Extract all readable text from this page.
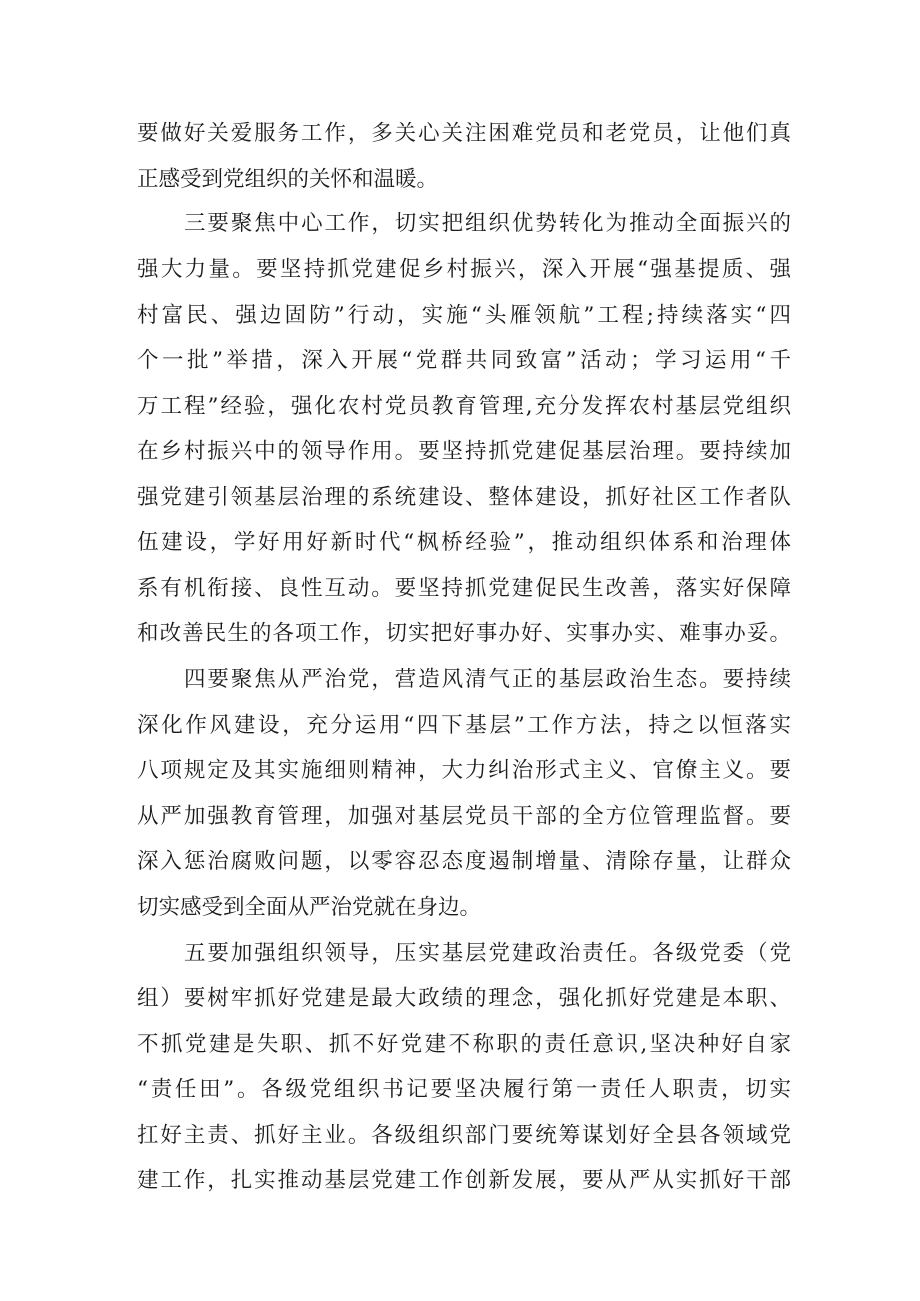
要做好关爱服务工作，多关心关注困难党员和老党员，让他们真

正感受到党组织的关怀和温暖。

三要聚焦中心工作，切实把组织优势转化为推动全面振兴的

强大力量。要坚持抓党建促乡村振兴，深入开展“强基提质、强

村富民、强边固防”行动，实施“头雁领航”工程;持续落实“四

个一批”举措，深入开展“党群共同致富”活动；学习运用“千

万工程”经验，强化农村党员教育管理,充分发挥农村基层党组织

在乡村振兴中的领导作用。要坚持抓党建促基层治理。要持续加

强党建引领基层治理的系统建设、整体建设，抓好社区工作者队

伍建设，学好用好新时代“枫桥经验”，推动组织体系和治理体

系有机衔接、良性互动。要坚持抓党建促民生改善，落实好保障

和改善民生的各项工作，切实把好事办好、实事办实、难事办妥。

四要聚焦从严治党，营造风清气正的基层政治生态。要持续

深化作风建设，充分运用“四下基层”工作方法，持之以恒落实

八项规定及其实施细则精神，大力纠治形式主义、官僚主义。要

从严加强教育管理，加强对基层党员干部的全方位管理监督。要

深入惩治腐败问题，以零容忍态度遏制增量、清除存量，让群众

切实感受到全面从严治党就在身边。

五要加强组织领导，压实基层党建政治责任。各级党委（党

组）要树牢抓好党建是最大政绩的理念，强化抓好党建是本职、

不抓党建是失职、抓不好党建不称职的责任意识,坚决种好自家

“责任田”。各级党组织书记要坚决履行第一责任人职责，切实

扛好主责、抓好主业。各级组织部门要统筹谋划好全县各领域党

建工作，扎实推动基层党建工作创新发展，要从严从实抓好干部
